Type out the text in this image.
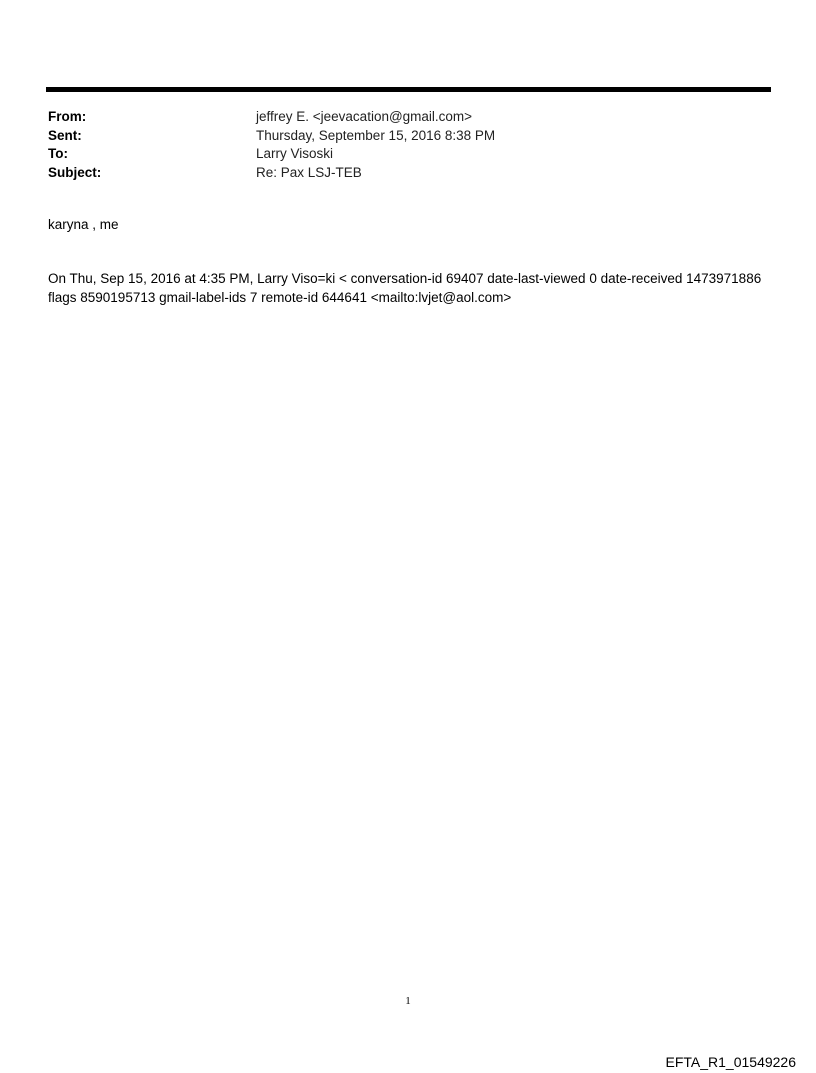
From:	jeffrey E. <jeevacation@gmail.com>
Sent:	Thursday, September 15, 2016 8:38 PM
To:	Larry Visoski
Subject:	Re: Pax LSJ-TEB
karyna , me
On Thu, Sep 15, 2016 at 4:35 PM, Larry Viso=ki < conversation-id 69407 date-last-viewed 0 date-received 1473971886
flags 8590195713 gmail-label-ids 7 remote-id 644641 <mailto:lvjet@aol.com>
1
EFTA_R1_01549226
